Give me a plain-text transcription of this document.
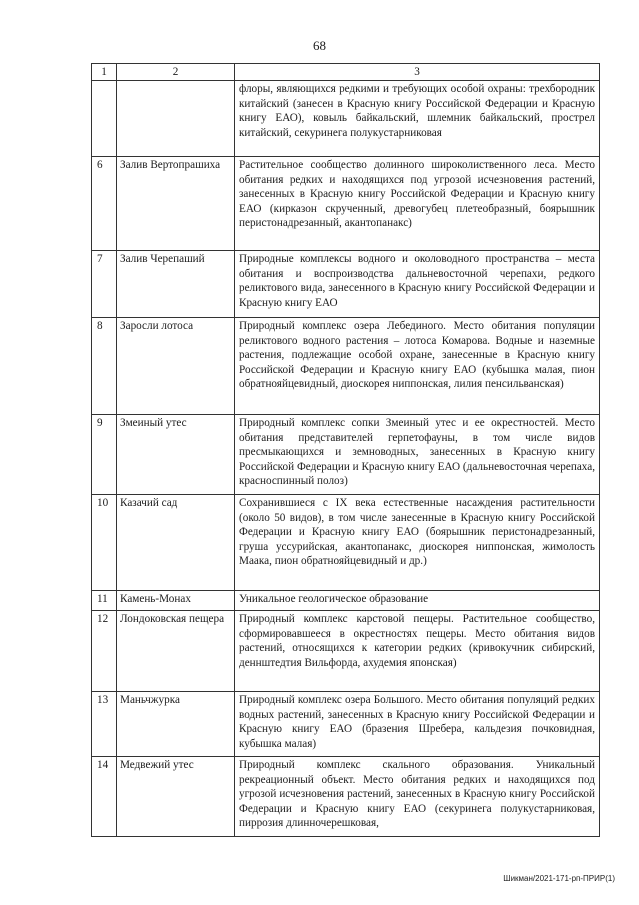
68
1	2	3
		флоры, являющихся редкими и требующих особой охраны: трехбородник китайский (занесен в Красную книгу Российской Федерации и Красную книгу ЕАО), ковыль байкальский, шлемник байкальский, прострел китайский, секуринега полукустарниковая
6	Залив Вертопрашиха	Растительное сообщество долинного широколиственного леса. Место обитания редких и находящихся под угрозой исчезновения растений, занесенных в Красную книгу Российской Федерации и Красную книгу ЕАО (кирказон скрученный, древогубец плетеобразный, боярышник перистонадрезанный, акантопанакс)
7	Залив Черепаший	Природные комплексы водного и околоводного пространства – места обитания и воспроизводства дальневосточной черепахи, редкого реликтового вида, занесенного в Красную книгу Российской Федерации и Красную книгу ЕАО
8	Заросли лотоса	Природный комплекс озера Лебединого. Место обитания популяции реликтового водного растения – лотоса Комарова. Водные и наземные растения, подлежащие особой охране, занесенные в Красную книгу Российской Федерации и Красную книгу ЕАО (кубышка малая, пион обратнояйцевидный, диоскорея ниппонская, лилия пенсильванская)
9	Змеиный утес	Природный комплекс сопки Змеиный утес и ее окрестностей. Место обитания представителей герпетофауны, в том числе видов пресмыкающихся и земноводных, занесенных в Красную книгу Российской Федерации и Красную книгу ЕАО (дальневосточная черепаха, красноспинный полоз)
10	Казачий сад	Сохранившиеся с IX века естественные насаждения растительности (около 50 видов), в том числе занесенные в Красную книгу Российской Федерации и Красную книгу ЕАО (боярышник перистонадрезанный, груша уссурийская, акантопанакс, диоскорея ниппонская, жимолость Маака, пион обратнояйцевидный и др.)
11	Камень-Монах	Уникальное геологическое образование
12	Лондоковская пещера	Природный комплекс карстовой пещеры. Растительное сообщество, сформировавшееся в окрестностях пещеры. Место обитания видов растений, относящихся к категории редких (кривокучник сибирский, деннштедтия Вильфорда, ахудемия японская)
13	Маньчжурка	Природный комплекс озера Большого. Место обитания популяций редких водных растений, занесенных в Красную книгу Российской Федерации и Красную книгу ЕАО (бразения Шребера, кальдезия почковидная, кубышка малая)
14	Медвежий утес	Природный комплекс скального образования. Уникальный рекреационный объект. Место обитания редких и находящихся под угрозой исчезновения растений, занесенных в Красную книгу Российской Федерации и Красную книгу ЕАО (секуринега полукустарниковая, пиррозия длинночерешковая,
Шикман/2021-171-рп-ПРИР(1)
